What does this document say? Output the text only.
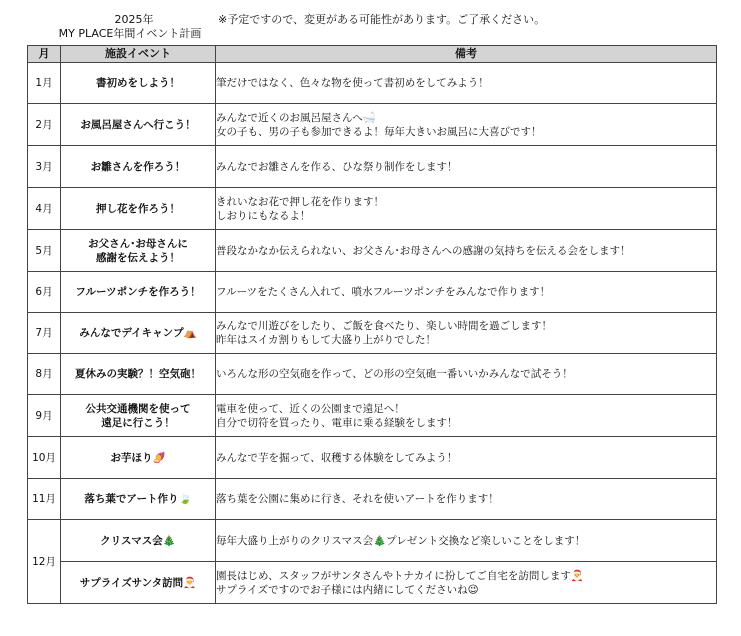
2025年
MY PLACE年間イベント計画
※予定ですので、変更がある可能性があります。ご了承ください。
月	施設イベント	備考
1月	書初めをしよう！	筆だけではなく、色々な物を使って書初めをしてみよう！

2月	お風呂屋さんへ行こう！	みんなで近くのお風呂屋さんへ🛁
女の子も、男の子も参加できるよ！毎年大きいお風呂に大喜びです！

3月	お雛さんを作ろう！	みんなでお雛さんを作る、ひな祭り制作をします！

4月	押し花を作ろう！	きれいなお花で押し花を作ります！
しおりにもなるよ！

5月	お父さん･お母さんに
感謝を伝えよう！	普段なかなか伝えられない、お父さん･お母さんへの感謝の気持ちを伝える会をします！

6月	フルーツポンチを作ろう！	フルーツをたくさん入れて、噴水フルーツポンチをみんなで作ります！

7月	みんなでデイキャンプ⛺	みんなで川遊びをしたり、ご飯を食べたり、楽しい時間を過ごします！
昨年はスイカ割りもして大盛り上がりでした！

8月	夏休みの実験？！空気砲！	いろんな形の空気砲を作って、どの形の空気砲一番いいかみんなで試そう！

9月	公共交通機関を使って
遠足に行こう！	電車を使って、近くの公園まで遠足へ！
自分で切符を買ったり、電車に乗る経験をします！

10月	お芋ほり🍠	みんなで芋を掘って、収穫する体験をしてみよう！

11月	落ち葉でアート作り🍃	落ち葉を公園に集めに行き、それを使いアートを作ります！

12月	クリスマス会🎄	毎年大盛り上がりのクリスマス会🎄プレゼント交換など楽しいことをします！

	サプライズサンタ訪問🎅	園長はじめ、スタッフがサンタさんやトナカイに扮してご自宅を訪問します🎅
サプライズですのでお子様には内緒にしてくださいね😉
